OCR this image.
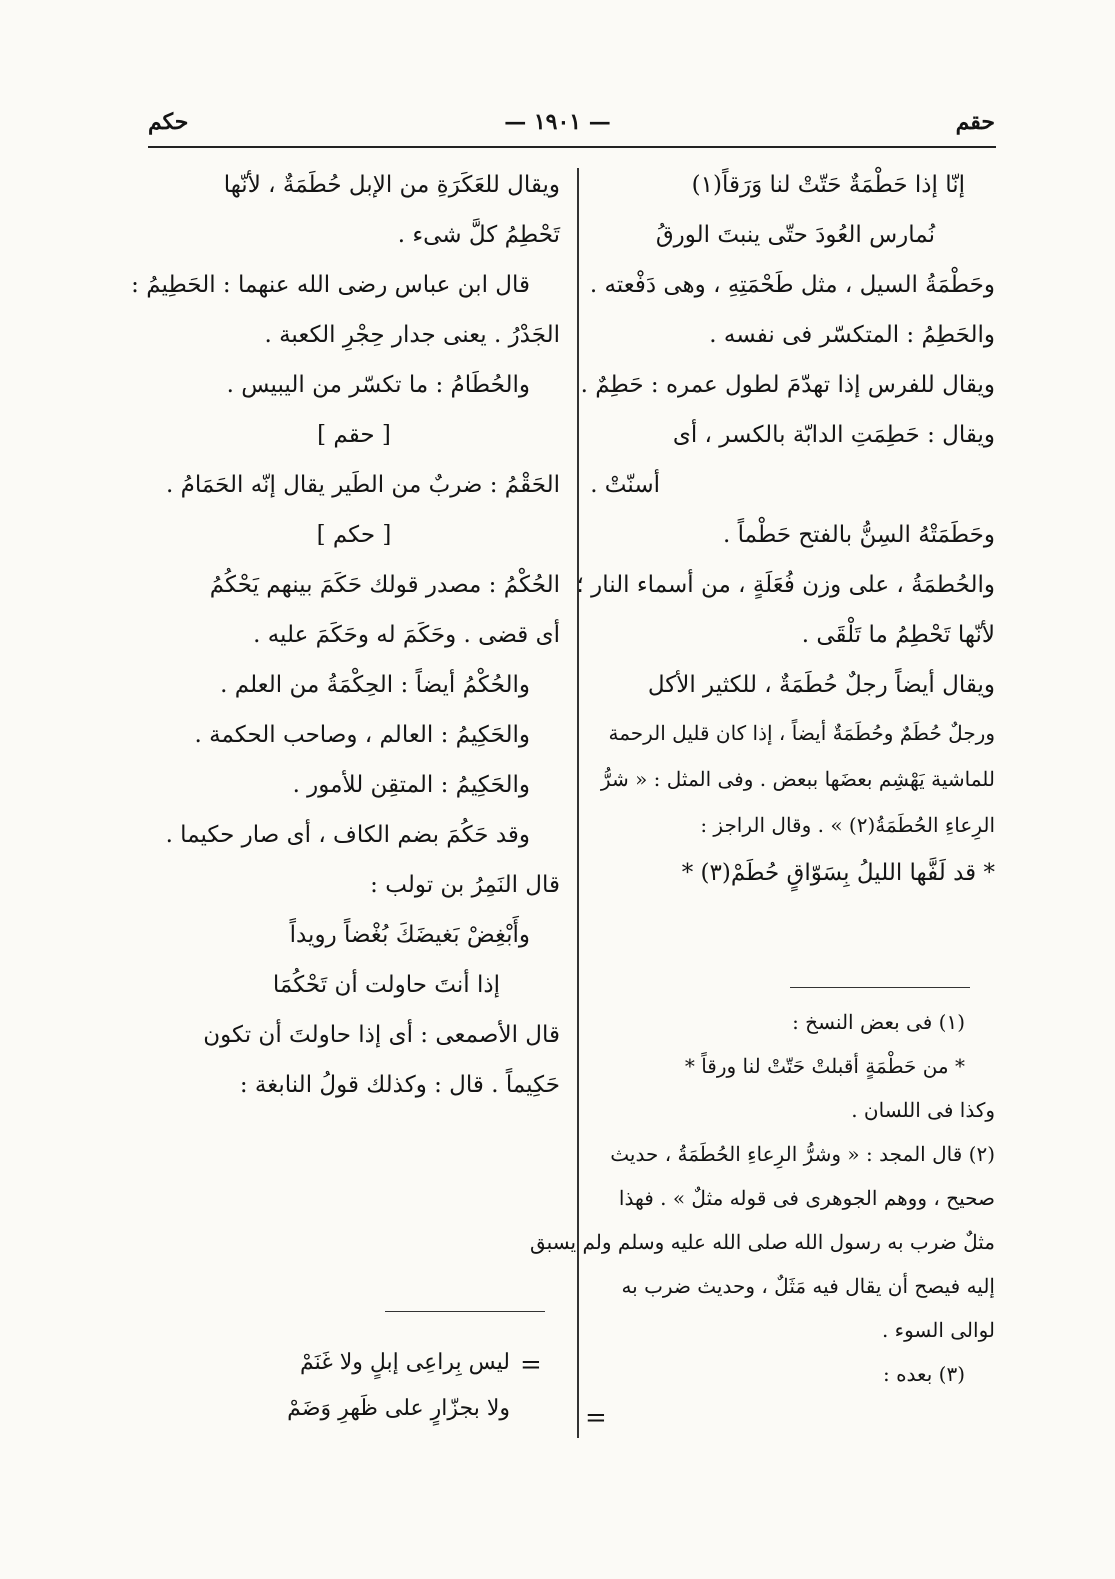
حكم	— ١٩٠١ —	حقم
إنّا إذا حَطْمَةٌ حَتّتْ لنا وَرَقاً(١)
نُمارس العُودَ حتّى ينبتَ الورقُ
وحَطْمَةُ السيل ، مثل طَحْمَتِهِ ، وهى دَفْعته .
والحَطِمُ : المتكسّر فى نفسه .
ويقال للفرس إذا تهدّمَ لطول عمره : حَطِمٌ .
ويقال : حَطِمَتِ الدابّة بالكسر ، أى
أسنّتْ .
وحَطَمَتْهُ السِنُّ بالفتح حَطْماً .
والحُطمَةُ ، على وزن فُعَلَةٍ ، من أسماء النار ؛
لأنّها تَحْطِمُ ما تَلْقَى .
ويقال أيضاً رجلٌ حُطَمَةٌ ، للكثير الأكل
ورجلٌ حُطَمٌ وحُطَمَةٌ أيضاً ، إذا كان قليل الرحمة
للماشية يَهْشِم بعضَها ببعض . وفى المثل : « شرُّ
الرِعاءِ الحُطَمَةُ(٢) » . وقال الراجز :
* قد لَفَّها الليلُ بِسَوّاقٍ حُطَمْ(٣) *
(١) فى بعض النسخ :
* من حَطْمَةٍ أقبلتْ حَتّتْ لنا ورقاً *
وكذا فى اللسان .
(٢) قال المجد : « وشرُّ الرِعاءِ الحُطَمَةُ ، حديث
صحيح ، ووهم الجوهرى فى قوله مثلٌ » . فهذا
مثلٌ ضرب به رسول الله صلى الله عليه وسلم ولم يسبق
إليه فيصح أن يقال فيه مَثَلٌ ، وحديث ضرب به
لوالى السوء .
(٣) بعده :
ويقال للعَكَرَةِ من الإبل حُطَمَةٌ ، لأنّها
تَحْطِمُ كلَّ شىء .
قال ابن عباس رضى الله عنهما : الحَطِيمُ :
الجَدْرُ . يعنى جدار حِجْرِ الكعبة .
والحُطَامُ : ما تكسّر من اليبيس .
[ حقم ]
الحَقْمُ : ضربٌ من الطَير يقال إنّه الحَمَامُ .
[ حكم ]
الحُكْمُ : مصدر قولك حَكَمَ بينهم يَحْكُمُ
أى قضى . وحَكَمَ له وحَكَمَ عليه .
والحُكْمُ أيضاً : الحِكْمَةُ من العلم .
والحَكِيمُ : العالم ، وصاحب الحكمة .
والحَكِيمُ : المتقِن للأمور .
وقد حَكُمَ بضم الكاف ، أى صار حكيما .
قال النَمِرُ بن تولب :
وأَبْغِضْ بَغيضَكَ بُغْضاً رويداً
إذا أنتَ حاولت أن تَحْكُمَا
قال الأصمعى : أى إذا حاولتَ أن تكون
حَكِيماً . قال : وكذلك قولُ النابغة :
ليس بِراعِى إبلٍ ولا غَنَمْ
ولا بجزّارٍ على ظَهرِ وَضَمْ
=
=
